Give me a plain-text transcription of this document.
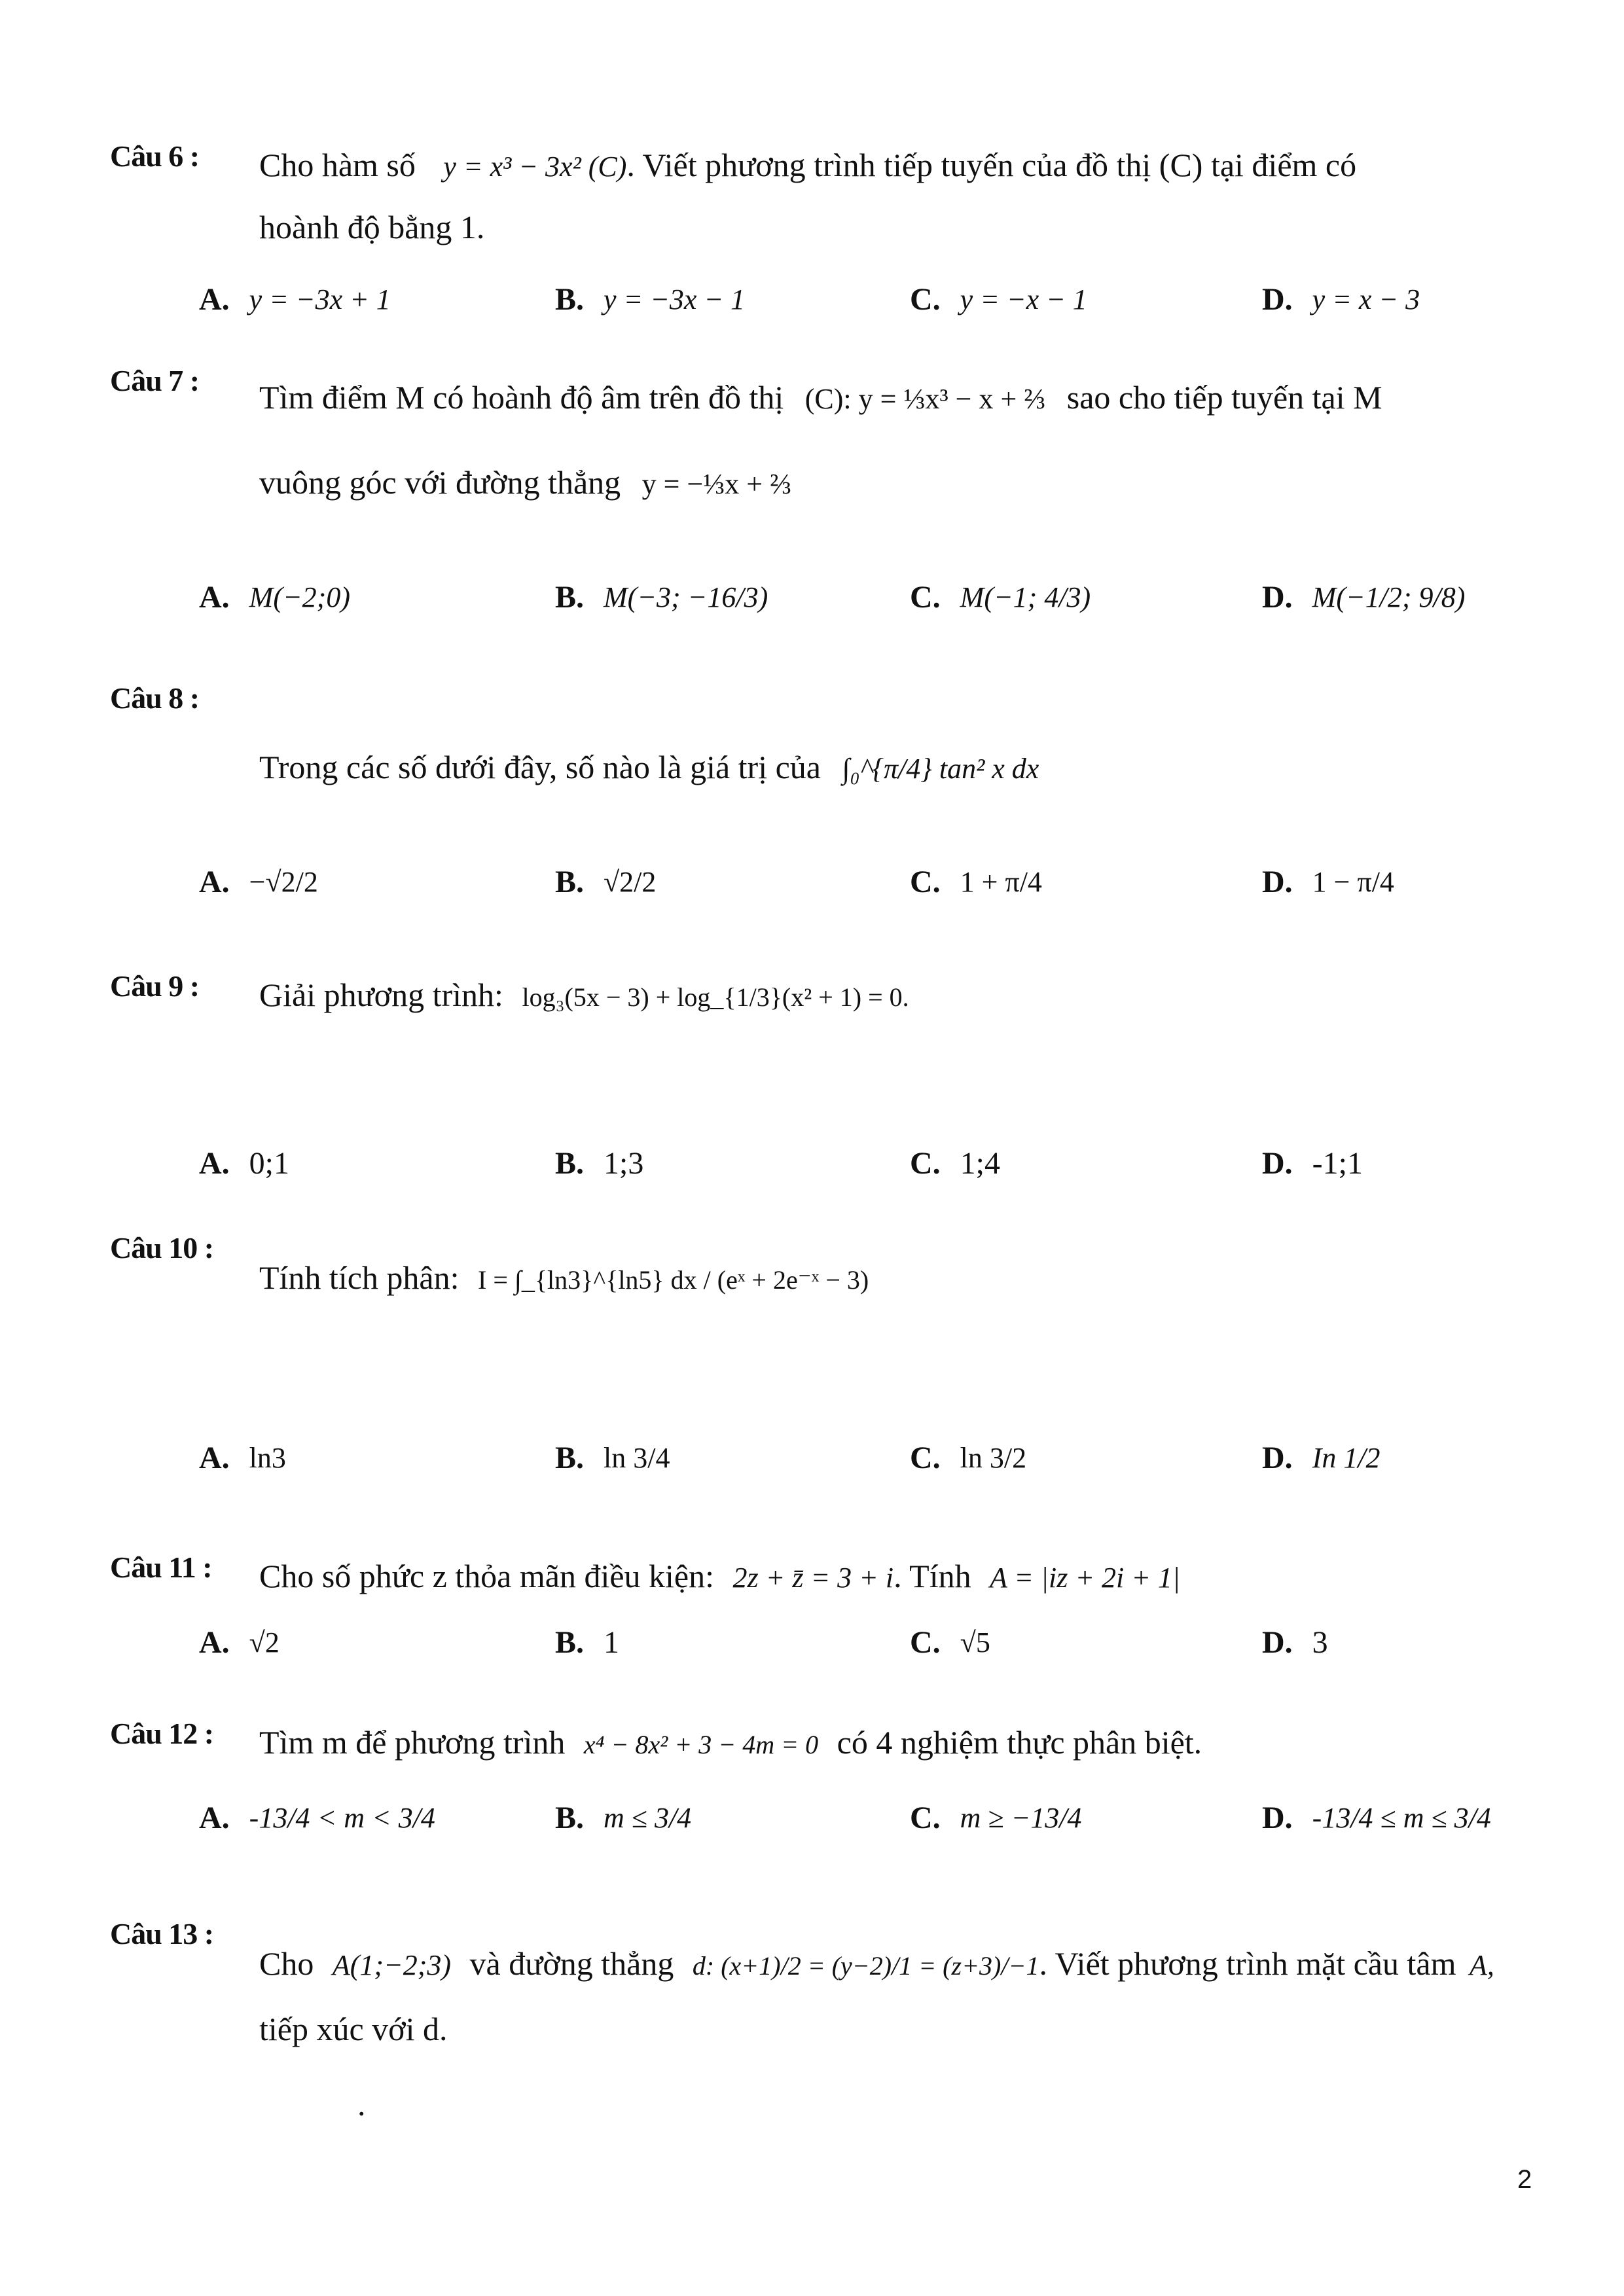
Câu 6 : Cho hàm số y = x³ − 3x² (C). Viết phương trình tiếp tuyến của đồ thị (C) tại điểm có
hoành độ bằng 1.
A. y = −3x + 1	B. y = −3x − 1	C. y = −x − 1	D. y = x − 3
Câu 7 : Tìm điểm M có hoành độ âm trên đồ thị (C): y = ⅓x³ − x + ⅔ sao cho tiếp tuyến tại M
vuông góc với đường thẳng y = −⅓x + ⅔
A. M(−2;0)	B. M(−3; −16/3)	C. M(−1; 4/3)	D. M(−1/2; 9/8)
Câu 8 :
Trong các số dưới đây, số nào là giá trị của ∫₀^{π/4} tan² x dx
A. −√2/2	B. √2/2	C. 1 + π/4	D. 1 − π/4
Câu 9 : Giải phương trình: log₃(5x − 3) + log_{1/3}(x² + 1) = 0.
A. 0;1	B. 1;3	C. 1;4	D. -1;1
Câu 10 :
Tính tích phân: I = ∫_{ln3}^{ln5} dx / (eˣ + 2e⁻ˣ − 3)
A. ln3	B. ln 3/4	C. ln 3/2	D. In 1/2
Câu 11 : Cho số phức z thỏa mãn điều kiện: 2z + z̄ = 3 + i. Tính A = |iz + 2i + 1|
A. √2	B. 1	C. √5	D. 3
Câu 12 : Tìm m để phương trình x⁴ − 8x² + 3 − 4m = 0 có 4 nghiệm thực phân biệt.
A. -13/4 < m < 3/4	B. m ≤ 3/4	C. m ≥ −13/4	D. -13/4 ≤ m ≤ 3/4
Câu 13 :
Cho A(1;−2;3) và đường thẳng d: (x+1)/2 = (y−2)/1 = (z+3)/−1. Viết phương trình mặt cầu tâm A,
tiếp xúc với d.
.
2
